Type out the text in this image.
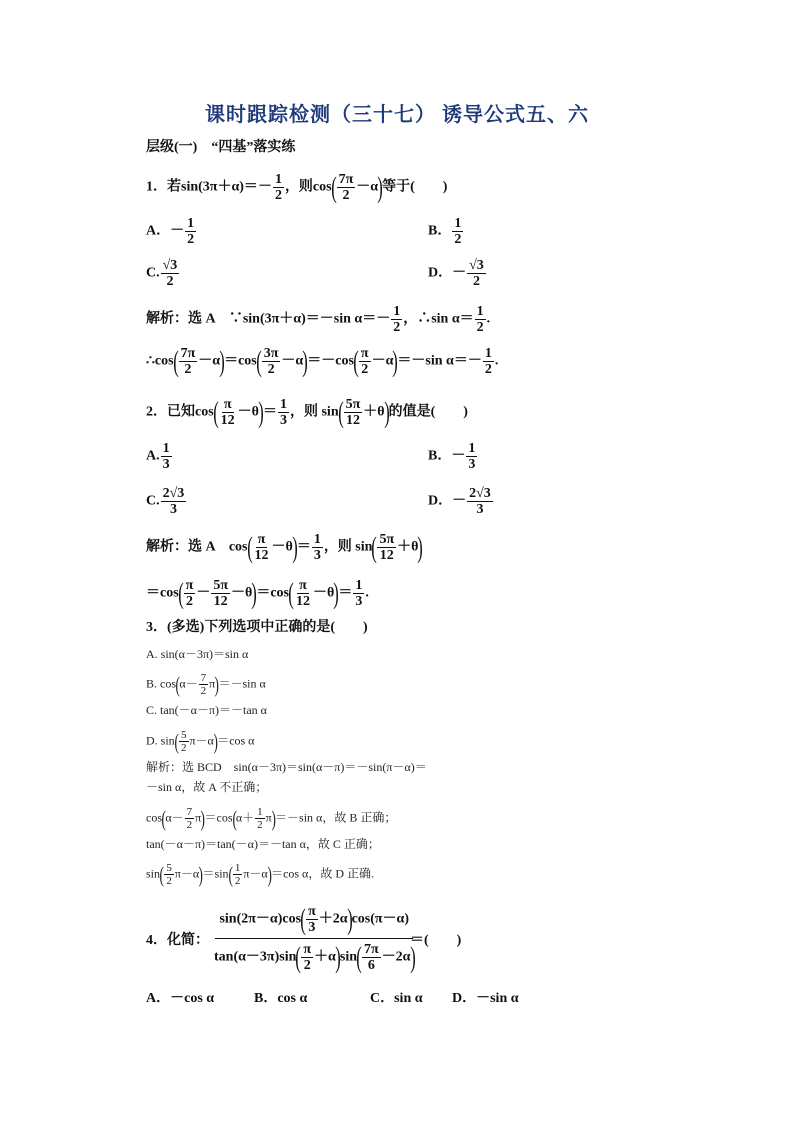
课时跟踪检测（三十七） 诱导公式五、六
层级(一)　“四基”落实练
1．若$\sin(3\pi+\alpha)=- \frac{1}{2}$ ，则$\cos( \frac{7\pi}{2} -\alpha)$等于(　　)
A．－ $\frac{1}{2}$	B． $\frac{1}{2}$
C. $\frac{√3}{2}$	D．－ $\frac{√3}{2}$
解析：选 A　∵sin(3π＋α)＝－sin $\alpha=- \frac{1}{2}$ ，∴sin $\alpha= \frac{1}{2}$ .
∴cos( $\frac{7\pi}{2} -\alpha)=\cos( \frac{3\pi}{2} -\alpha)=-\cos( \frac{\pi}{2} -\alpha)=-\sin$ $\alpha=- \frac{1}{2}$ .
2．已知$\cos( \frac{\pi}{12} -\theta)= \frac{1}{3}$ ，则 $\sin( \frac{5\pi}{12} +\theta)$的值是(　　)
A. $\frac{1}{3}$	B．－ $\frac{1}{3}$
C. $\frac{2√3}{3}$	D．－ $\frac{2√3}{3}$
解析：选 A　$\cos( \frac{\pi}{12} -\theta)= \frac{1}{3}$ ，则 $\sin( \frac{5\pi}{12} +\theta)$
$=\cos( \frac{\pi}{2} - \frac{5\pi}{12} -\theta)=\cos( \frac{\pi}{12} -\theta)= \frac{1}{3}$ .
3．(多选)下列选项中正确的是(　　)
A. sin(α－3π)＝sin α
B. $\cos(\alpha- \frac{7}{2} \pi)=-\sin$ α
C. tan(－α－π)＝－tan α
D. $\sin( \frac{5}{2} \pi-\alpha)=\cos$ α
解析：选 BCD　sin(α－3π)＝sin(α－π)＝－sin(π－α)＝
－sin α，故 A 不正确；
$\cos(\alpha- \frac{7}{2} \pi)=\cos(\alpha+ \frac{1}{2} \pi)=-\sin$ α，故 B 正确；
tan(－α－π)＝tan(－α)＝－tan α，故 C 正确；
$\sin( \frac{5}{2} \pi-\alpha)=\sin( \frac{1}{2} \pi-\alpha)=\cos$ α，故 D 正确.
4．化简： $\frac{\sin(2\pi-\alpha)\cos( \frac{\pi}{3} +2\alpha)\cos(\pi-\alpha)}{\tan(\alpha-3\pi)\sin( \frac{\pi}{2} +\alpha)\sin( \frac{7\pi}{6} -2\alpha)}$
＝(　　)
A．－cos α	B．cos α	C．sin α D．－sin α
